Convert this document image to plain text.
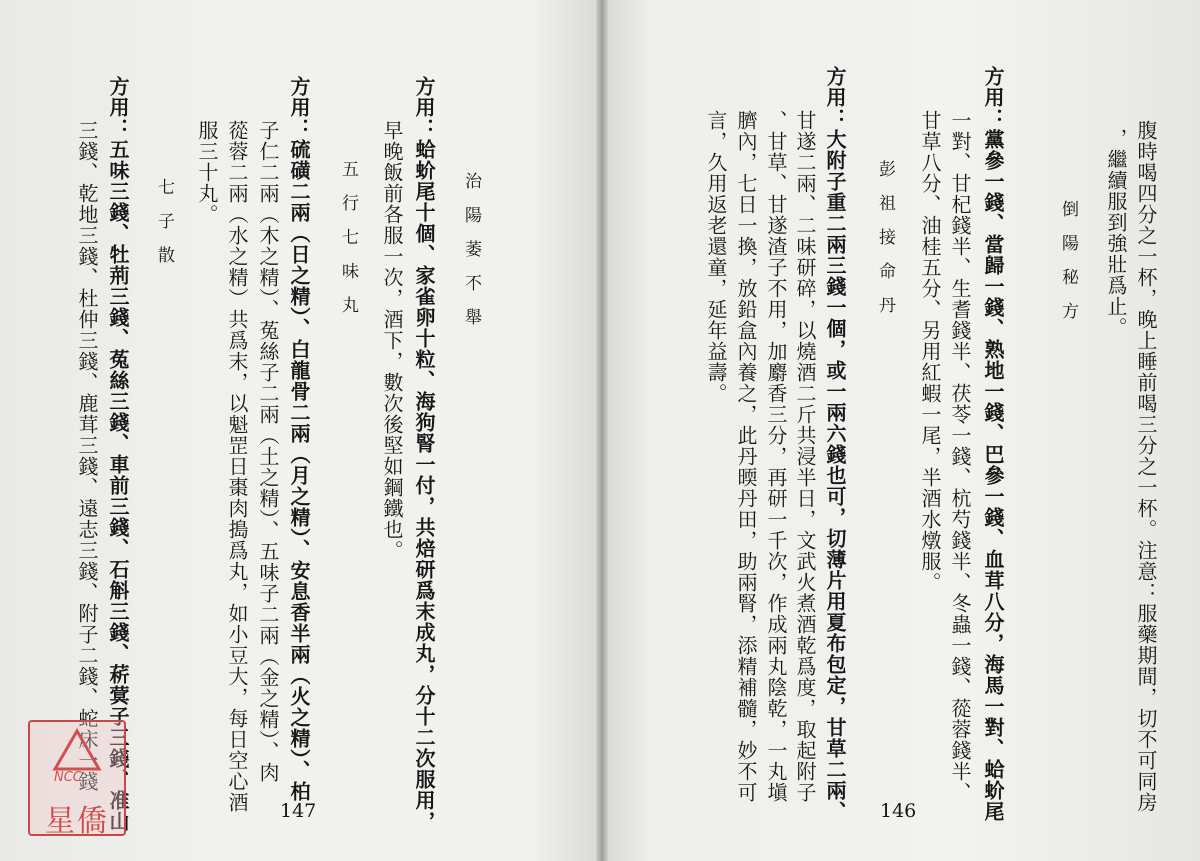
方用：蛤蚧尾十個、家雀卵十粒、海狗腎一付，共焙研爲末成丸，分十二次服用， 治陽萎不舉
早晚飯前各服一次，酒下，數次後堅如鋼鐵也。
五行七味丸
方用：硫磺二兩（日之精）、白龍骨二兩（月之精）、安息香半兩（火之精）、柏
子仁二兩（木之精）、菟絲子二兩（土之精）、五味子二兩（金之精）、肉
蓯蓉二兩（水之精）共爲末，以魁罡日棗肉搗爲丸，如小豆大，每日空心酒
服三十丸。
七子散
方用：五味三錢、牡荊三錢、菟絲三錢、車前三錢、石斛三錢、菥蓂子三錢、准山
三錢、乾地三錢、杜仲三錢、鹿茸三錢、遠志三錢、附子二錢、蛇床一錢
147	腹時喝四分之一杯，晚上睡前喝三分之一杯。注意：服藥期間，切不可同房
，繼續服到強壯爲止。
倒陽秘方
方用：黨參一錢、當歸一錢、熟地一錢、巴參一錢、血茸八分，海馬一對、蛤蚧尾
一對、甘杞錢半、生耆錢半、茯苓一錢、杭芍錢半、冬蟲一錢、蓯蓉錢半、
甘草八分、油桂五分、另用紅蝦一尾，半酒水燉服。
彭祖接命丹
方用：大附子重二兩三錢一個，或一兩六錢也可，切薄片用夏布包定，甘草二兩、
甘遂二兩、二味研碎，以燒酒二斤共浸半日，文武火煮酒乾爲度，取起附子
、甘草、甘遂渣子不用，加麝香三分，再研一千次，作成兩丸陰乾，一丸塡
臍內，七日一換，放鉛盒內養之，此丹㬉丹田，助兩腎，添精補髓，妙不可
言，久用返老還童，延年益壽。
146
NCC
星僑
